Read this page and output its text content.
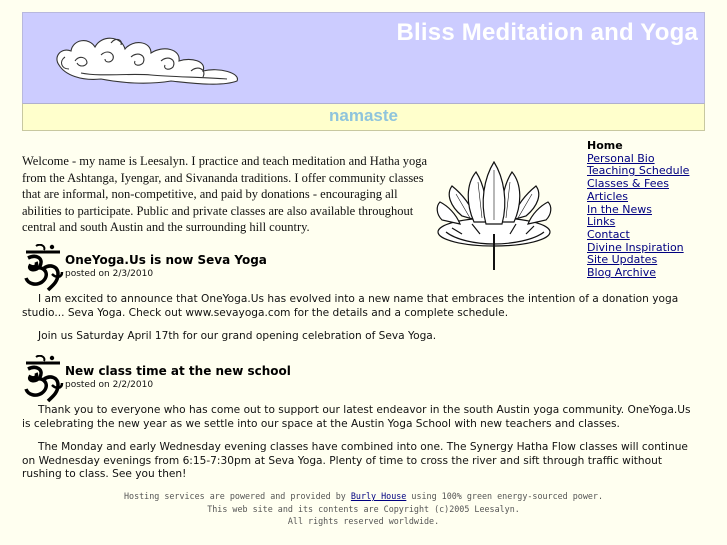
Bliss Meditation and Yoga
namaste

Welcome - my name is Leesalyn. I practice and teach meditation and Hatha yoga from the Ashtanga, Iyengar, and Sivananda traditions. I offer community classes that are informal, non-competitive, and paid by donations - encouraging all abilities to participate. Public and private classes are also available throughout central and south Austin and the surrounding hill country.

Home
Personal Bio
Teaching Schedule
Classes & Fees
Articles
In the News
Links
Contact
Divine Inspiration
Site Updates
Blog Archive
OneYoga.Us is now Seva Yoga
posted on 2/3/2010

I am excited to announce that OneYoga.Us has evolved into a new name that embraces the intention of a donation yoga studio... Seva Yoga. Check out www.sevayoga.com for the details and a complete schedule.

Join us Saturday April 17th for our grand opening celebration of Seva Yoga.

New class time at the new school
posted on 2/2/2010

Thank you to everyone who has come out to support our latest endeavor in the south Austin yoga community. OneYoga.Us is celebrating the new year as we settle into our space at the Austin Yoga School with new teachers and classes.

The Monday and early Wednesday evening classes have combined into one. The Synergy Hatha Flow classes will continue on Wednesday evenings from 6:15-7:30pm at Seva Yoga. Plenty of time to cross the river and sift through traffic without rushing to class. See you then!

Hosting services are powered and provided by Burly House using 100% green energy-sourced power.
This web site and its contents are Copyright (c)2005 Leesalyn.
All rights reserved worldwide.
